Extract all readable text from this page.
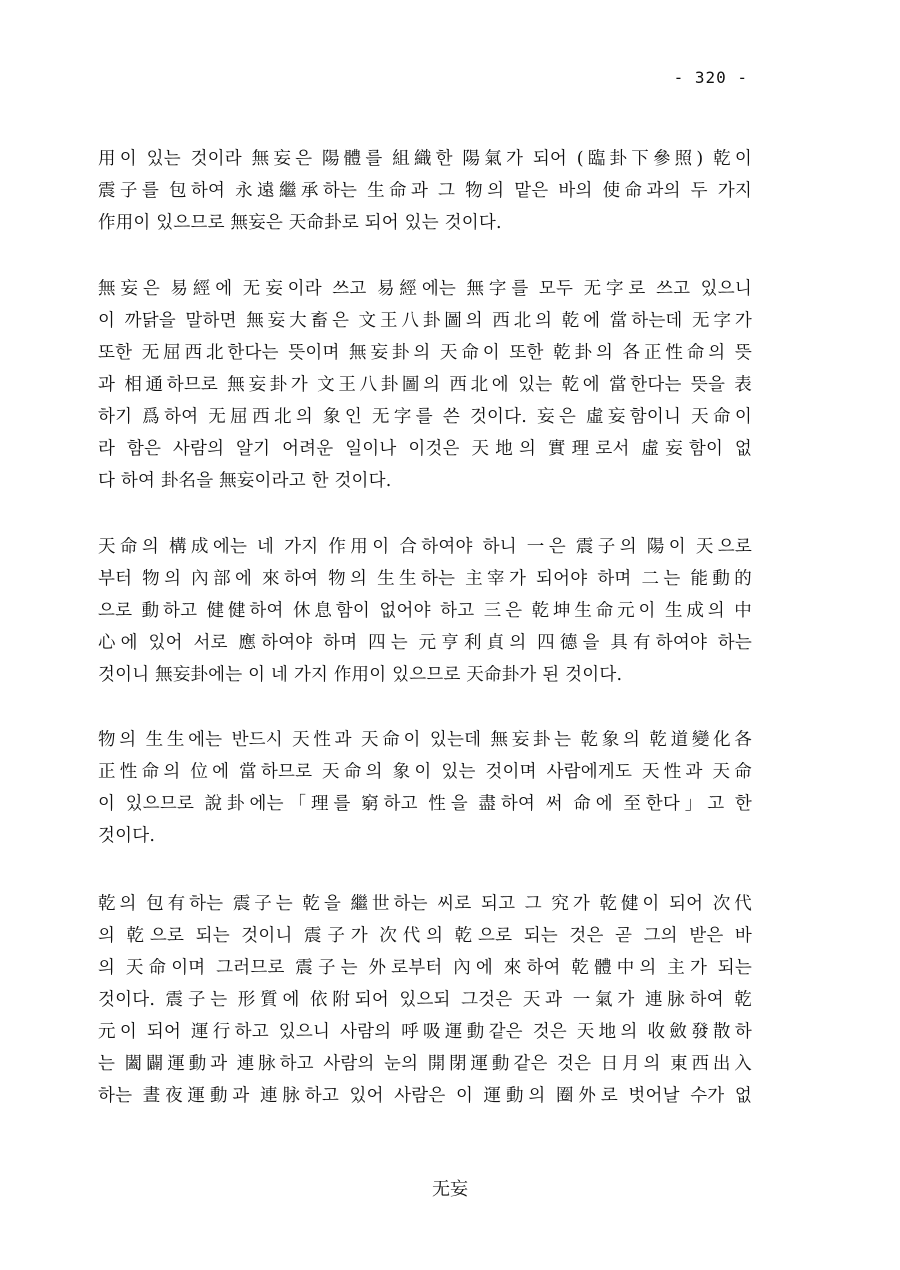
- 320 -
用이 있는 것이라 無妄은 陽體를 組織한 陽氣가 되어 (臨卦下參照) 乾이
震子를 包하여 永遠繼承하는 生命과 그 物의 맡은 바의 使命과의 두 가지
作用이 있으므로 無妄은 天命卦로 되어 있는 것이다.
無妄은 易經에 无妄이라 쓰고 易經에는 無字를 모두 无字로 쓰고 있으니
이 까닭을 말하면 無妄大畜은 文王八卦圖의 西北의 乾에 當하는데 无字가
또한 无屈西北한다는 뜻이며 無妄卦의 天命이 또한 乾卦의 各正性命의 뜻
과 相通하므로 無妄卦가 文王八卦圖의 西北에 있는 乾에 當한다는 뜻을 表
하기 爲하여 无屈西北의 象인 无字를 쓴 것이다. 妄은 虛妄함이니 天命이
라 함은 사람의 알기 어려운 일이나 이것은 天地의 實理로서 虛妄함이 없
다 하여 卦名을 無妄이라고 한 것이다.
天命의 構成에는 네 가지 作用이 合하여야 하니 一은 震子의 陽이 天으로
부터 物의 內部에 來하여 物의 生生하는 主宰가 되어야 하며 二는 能動的
으로 動하고 健健하여 休息함이 없어야 하고 三은 乾坤生命元이 生成의 中
心에 있어 서로 應하여야 하며 四는 元亨利貞의 四德을 具有하여야 하는
것이니 無妄卦에는 이 네 가지 作用이 있으므로 天命卦가 된 것이다.
物의 生生에는 반드시 天性과 天命이 있는데 無妄卦는 乾象의 乾道變化各
正性命의 位에 當하므로 天命의 象이 있는 것이며 사람에게도 天性과 天命
이 있으므로 說卦에는「理를 窮하고 性을 盡하여 써 命에 至한다」고 한
것이다.
乾의 包有하는 震子는 乾을 繼世하는 씨로 되고 그 究가 乾健이 되어 次代
의 乾으로 되는 것이니 震子가 次代의 乾으로 되는 것은 곧 그의 받은 바
의 天命이며 그러므로 震子는 外로부터 內에 來하여 乾體中의 主가 되는
것이다. 震子는 形質에 依附되어 있으되 그것은 天과 一氣가 連脉하여 乾
元이 되어 運行하고 있으니 사람의 呼吸運動같은 것은 天地의 收斂發散하
는 闔闢運動과 連脉하고 사람의 눈의 開閉運動같은 것은 日月의 東西出入
하는 晝夜運動과 連脉하고 있어 사람은 이 運動의 圈外로 벗어날 수가 없
无妄
